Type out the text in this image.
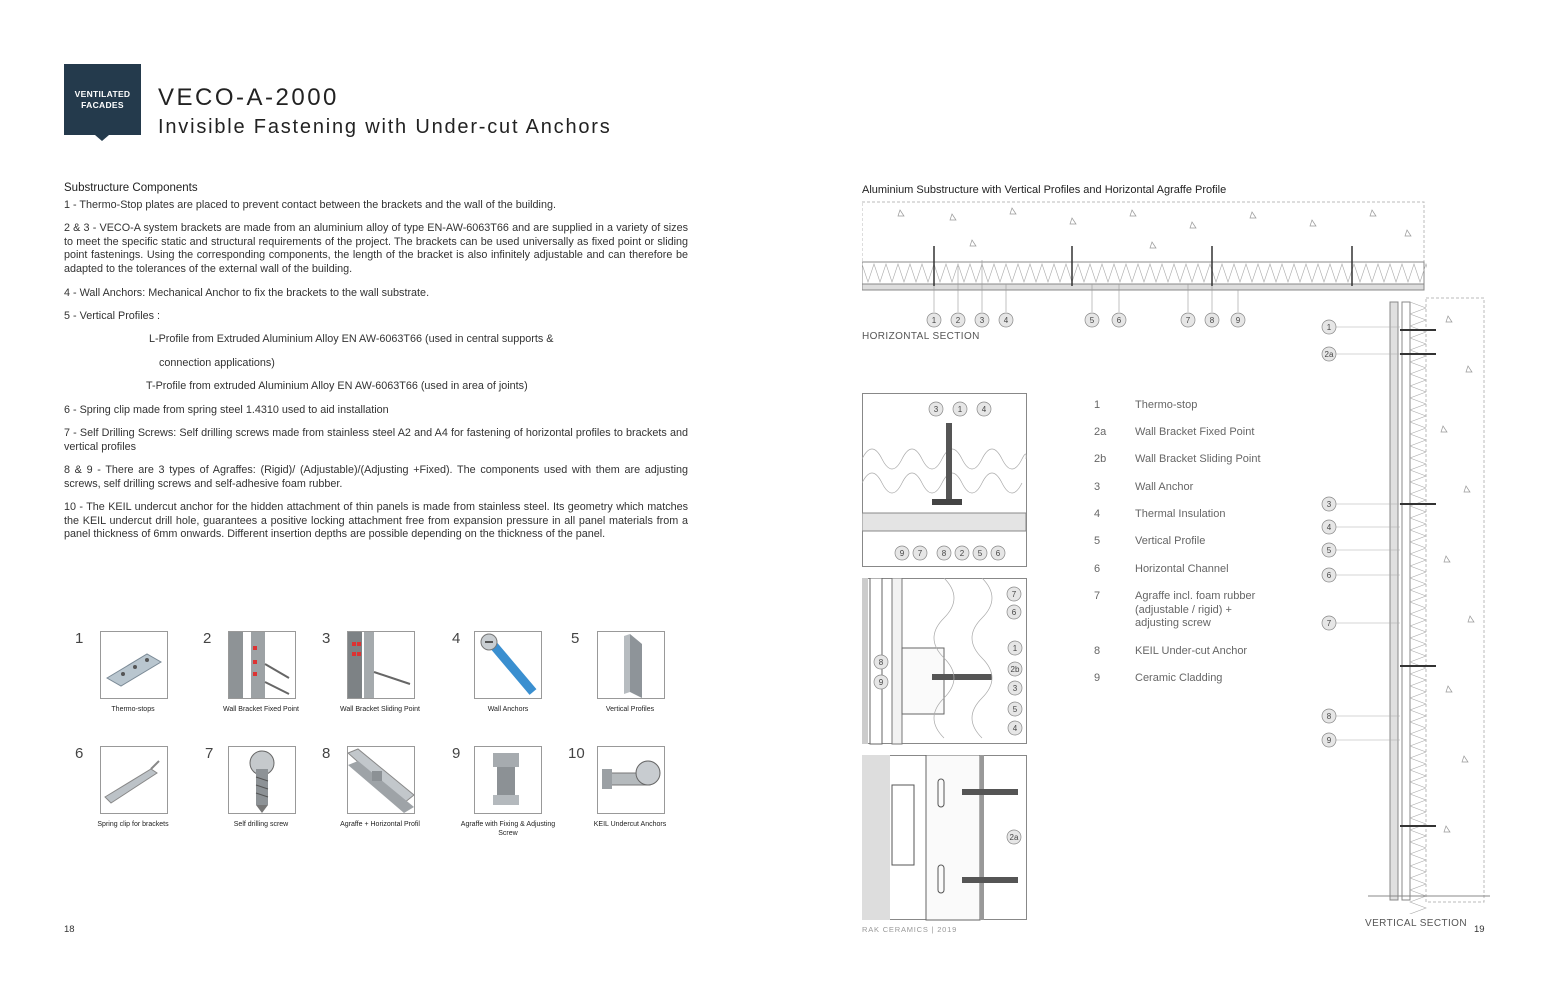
VENTILATED
FACADES	VECO-A-2000
Invisible Fastening with Under-cut Anchors
Substructure Components
1 - Thermo-Stop plates are placed to prevent contact between the brackets and the wall of the building.
2 & 3 - VECO-A system brackets are made from an aluminium alloy of type EN-AW-6063T66 and are supplied in a variety of sizes to meet the specific static and structural requirements of the project. The brackets can be used universally as fixed point or sliding point fastenings. Using the corresponding components, the length of the bracket is also infinitely adjustable and can therefore be adapted to the tolerances of the external wall of the building.
4 - Wall Anchors: Mechanical Anchor to fix the brackets to the wall substrate.
5 - Vertical Profiles :
L-Profile from Extruded Aluminium Alloy EN AW-6063T66 (used in central supports &
connection applications)
T-Profile from extruded Aluminium Alloy EN AW-6063T66 (used in area of joints)
6 - Spring clip made from spring steel 1.4310 used to aid installation
7 - Self Drilling Screws: Self drilling screws made from stainless steel A2 and A4 for fastening of horizontal profiles to brackets and vertical profiles
8 & 9 - There are 3 types of Agraffes: (Rigid)/ (Adjustable)/(Adjusting +Fixed). The components used with them are adjusting screws, self drilling screws and self-adhesive foam rubber.
10 - The KEIL undercut anchor for the hidden attachment of thin panels is made from stainless steel. Its geometry which matches the KEIL undercut drill hole, guarantees a positive locking attachment free from expansion pressure in all panel materials from a panel thickness of 6mm onwards. Different insertion depths are possible depending on the thickness of the panel.
1
Thermo-stops
2
Wall Bracket Fixed Point
3
Wall Bracket Sliding Point
4
Wall Anchors
5
Vertical Profiles
6
Spring clip for brackets
7
Self drilling screw
8
Agraffe + Horizontal Profil
9
Agraffe with Fixing & Adjusting Screw
10
KEIL Undercut Anchors
18
Aluminium Substructure with Vertical Profiles and Horizontal Agraffe Profile
1 2 3 4	5	6	7 8	9
HORIZONTAL SECTION
3 1 4
9 7 8 2 5 6
7
6
8
9
1
2b
3
5
4
2a
1	Thermo-stop
2a	Wall Bracket Fixed Point
2b	Wall Bracket Sliding Point
3	Wall Anchor
4	Thermal Insulation
5	Vertical Profile
6	Horizontal Channel
7	Agraffe incl. foam rubber (adjustable / rigid) + adjusting screw
8	KEIL Under-cut Anchor
9	Ceramic Cladding
1
2a
3
4
5
6
7
8
9
VERTICAL SECTION
RAK CERAMICS | 2019	19
